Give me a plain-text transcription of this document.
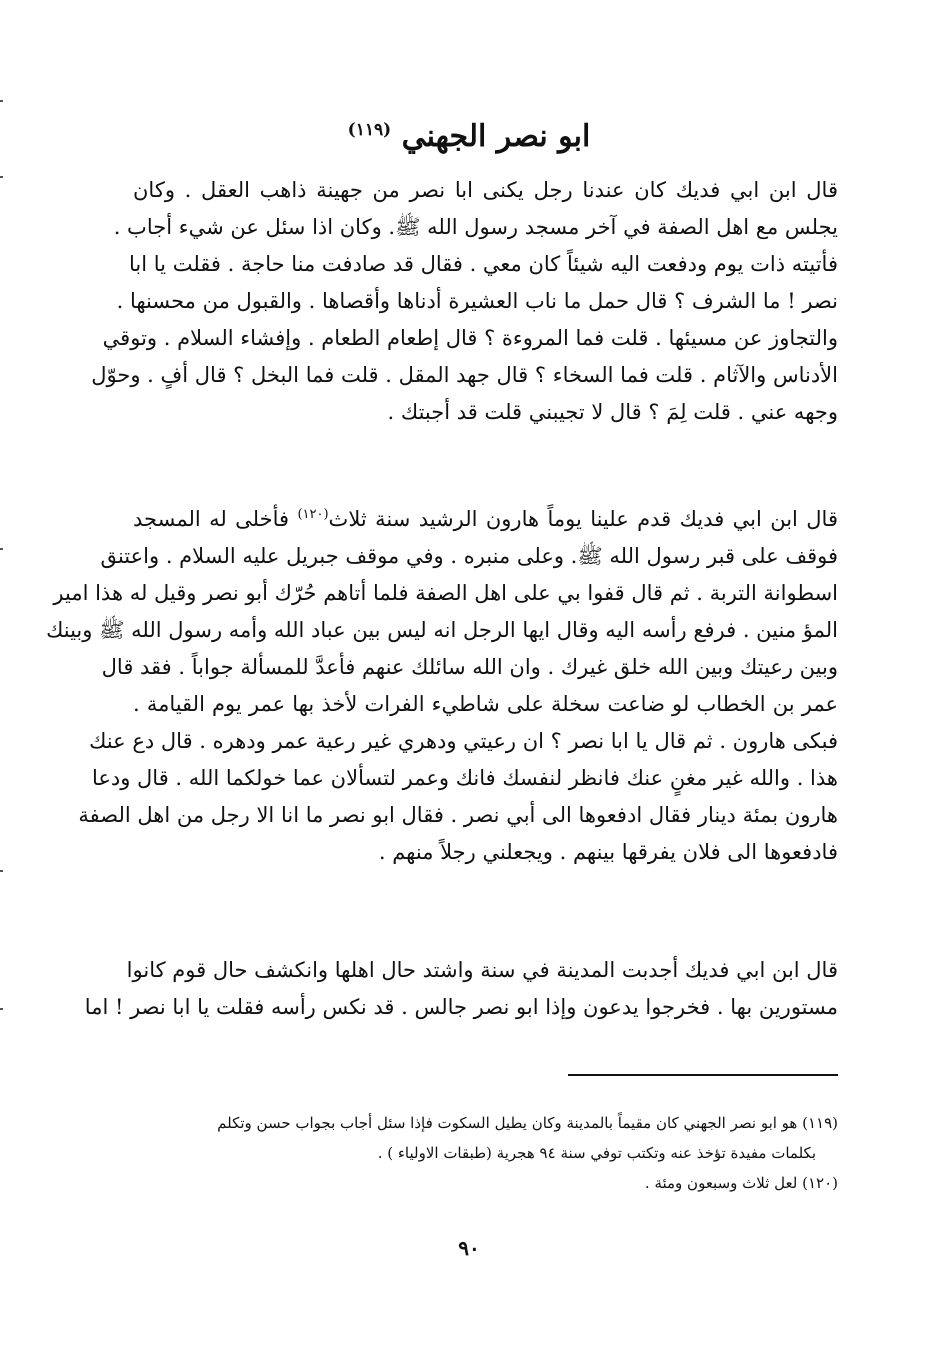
ابو نصر الجهني $^{(١١٩)}$
قال ابن ابي فديك كان عندنا رجل يكنى ابا نصر من جهينة ذاهب العقل . وكان
يجلس مع اهل الصفة في آخر مسجد رسول الله ﷺ. وكان اذا سئل عن شيء أجاب .
فأتيته ذات يوم ودفعت اليه شيئاً كان معي . فقال قد صادفت منا حاجة . فقلت يا ابا
نصر ! ما الشرف ؟ قال حمل ما ناب العشيرة أدناها وأقصاها . والقبول من محسنها .
والتجاوز عن مسيئها . قلت فما المروءة ؟ قال إطعام الطعام . وإفشاء السلام . وتوقي
الأدناس والآثام . قلت فما السخاء ؟ قال جهد المقل . قلت فما البخل ؟ قال أفٍ . وحوّل
وجهه عني . قلت لِمَ ؟ قال لا تجيبني قلت قد أجبتك .
قال ابن ابي فديك قدم علينا يوماً هارون الرشيد سنة ثلاث$^{(١٢٠)}$ فأخلى له المسجد
فوقف على قبر رسول الله ﷺ. وعلى منبره . وفي موقف جبريل عليه السلام . واعتنق
اسطوانة التربة . ثم قال قفوا بي على اهل الصفة فلما أتاهم حُرّك أبو نصر وقيل له هذا امير
المؤ منين . فرفع رأسه اليه وقال ايها الرجل انه ليس بين عباد الله وأمه رسول الله ﷺ وبينك
وبين رعيتك وبين الله خلق غيرك . وان الله سائلك عنهم فأعدَّ للمسألة جواباً . فقد قال
عمر بن الخطاب لو ضاعت سخلة على شاطيء الفرات لأخذ بها عمر يوم القيامة .
فبكى هارون . ثم قال يا ابا نصر ؟ ان رعيتي ودهري غير رعية عمر ودهره . قال دع عنك
هذا . والله غير مغنٍ عنك فانظر لنفسك فانك وعمر لتسألان عما خولكما الله . قال ودعا
هارون بمئة دينار فقال ادفعوها الى أبي نصر . فقال ابو نصر ما انا الا رجل من اهل الصفة
فادفعوها الى فلان يفرقها بينهم . ويجعلني رجلاً منهم .
قال ابن ابي فديك أجدبت المدينة في سنة واشتد حال اهلها وانكشف حال قوم كانوا
مستورين بها . فخرجوا يدعون وإذا ابو نصر جالس . قد نكس رأسه فقلت يا ابا نصر ! اما
(١١٩) هو ابو نصر الجهني كان مقيماً بالمدينة وكان يطيل السكوت فإذا سئل أجاب بجواب حسن وتكلم
بكلمات مفيدة تؤخذ عنه وتكتب توفي سنة ٩٤ هجرية (طبقات الاولياء ) .
(١٢٠) لعل ثلاث وسبعون ومئة .
٩٠
